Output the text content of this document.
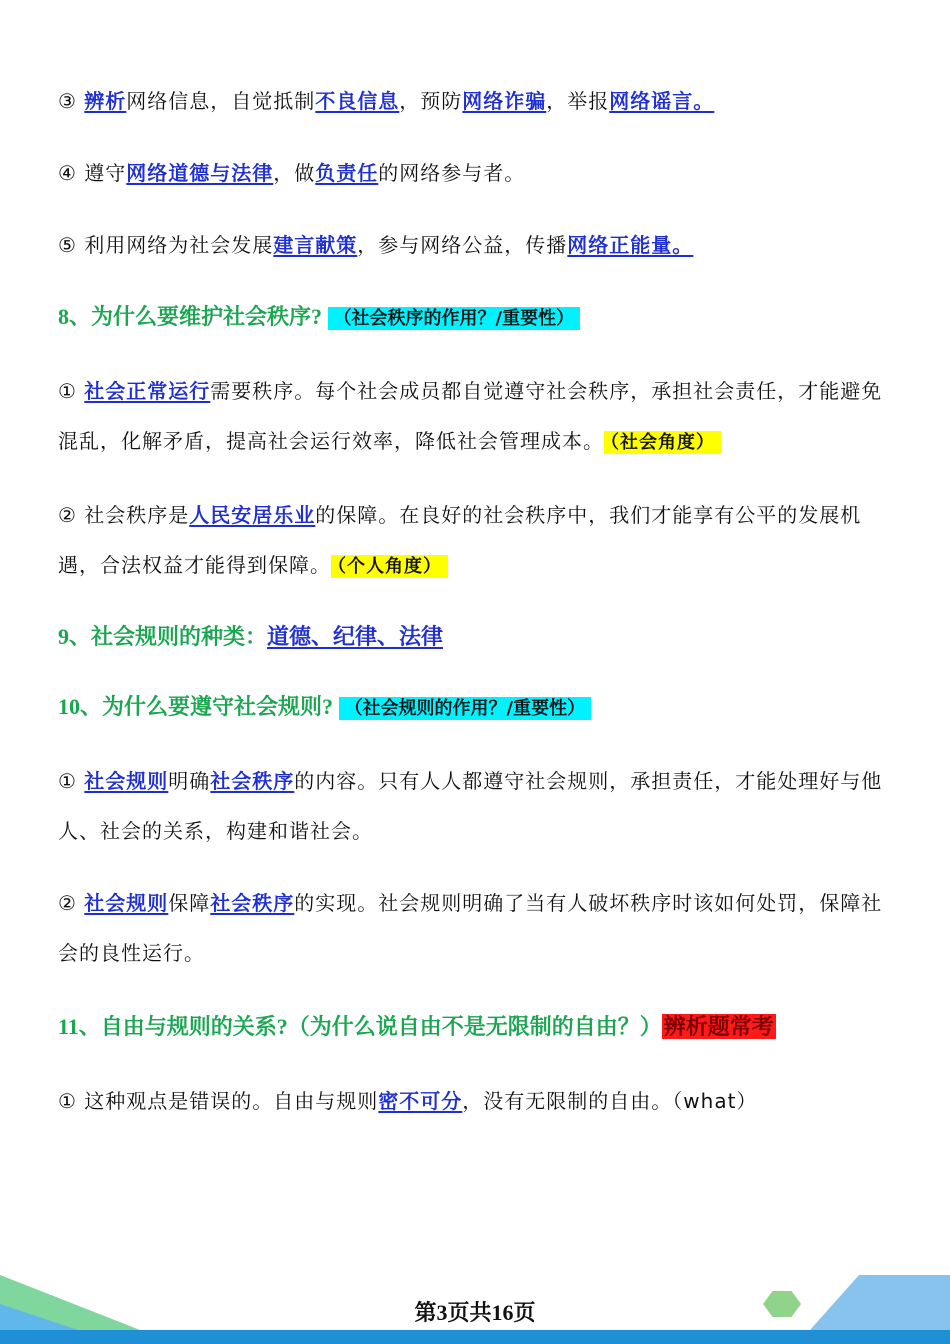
③ 辨析网络信息，自觉抵制不良信息，预防网络诈骗，举报网络谣言。

④ 遵守网络道德与法律，做负责任的网络参与者。

⑤ 利用网络为社会发展建言献策，参与网络公益，传播网络正能量。

8、为什么要维护社会秩序? （社会秩序的作用？/重要性）

① 社会正常运行需要秩序。每个社会成员都自觉遵守社会秩序，承担社会责任，才能避免混乱，化解矛盾，提高社会运行效率，降低社会管理成本。 （社会角度）

② 社会秩序是人民安居乐业的保障。在良好的社会秩序中，我们才能享有公平的发展机遇，合法权益才能得到保障。 （个人角度）

9、社会规则的种类：道德、纪律、法律

10、为什么要遵守社会规则? （社会规则的作用？/重要性）

① 社会规则明确社会秩序的内容。只有人人都遵守社会规则，承担责任，才能处理好与他人、社会的关系，构建和谐社会。

② 社会规则保障社会秩序的实现。社会规则明确了当有人破坏秩序时该如何处罚，保障社会的良性运行。

11、自由与规则的关系?（为什么说自由不是无限制的自由？）辨析题常考

① 这种观点是错误的。自由与规则密不可分，没有无限制的自由。（what）

第3页共16页
